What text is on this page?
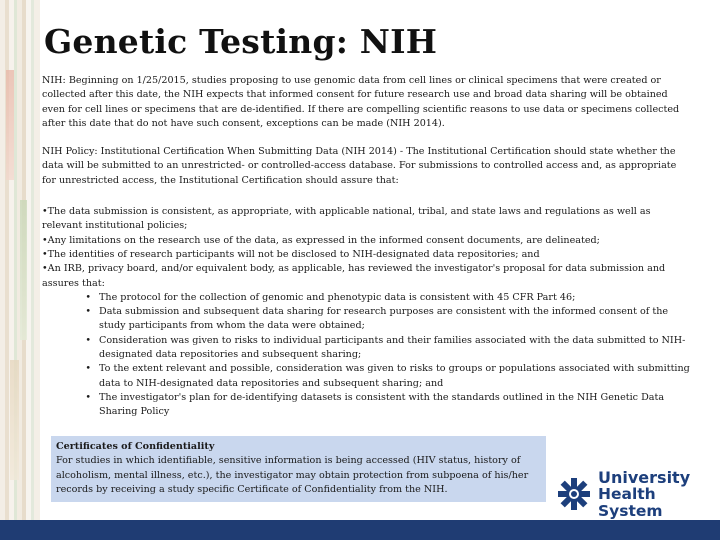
Genetic Testing: NIH

NIH: Beginning on 1/25/2015, studies proposing to use genomic data from cell lines or clinical specimens that were created or collected after this date, the NIH expects that informed consent for future research use and broad data sharing will be obtained even for cell lines or specimens that are de-identified. If there are compelling scientific reasons to use data or specimens collected after this date that do not have such consent, exceptions can be made (NIH 2014).

NIH Policy: Institutional Certification When Submitting Data (NIH 2014) - The Institutional Certification should state whether the data will be submitted to an unrestricted- or controlled-access database. For submissions to controlled access and, as appropriate for unrestricted access, the Institutional Certification should assure that:

•The data submission is consistent, as appropriate, with applicable national, tribal, and state laws and regulations as well as relevant institutional policies;

•Any limitations on the research use of the data, as expressed in the informed consent documents, are delineated;

•The identities of research participants will not be disclosed to NIH-designated data repositories; and

•An IRB, privacy board, and/or equivalent body, as applicable, has reviewed the investigator's proposal for data submission and assures that:

• The protocol for the collection of genomic and phenotypic data is consistent with 45 CFR Part 46;
• Data submission and subsequent data sharing for research purposes are consistent with the informed consent of the study participants from whom the data were obtained;
• Consideration was given to risks to individual participants and their families associated with the data submitted to NIH-designated data repositories and subsequent sharing;
• To the extent relevant and possible, consideration was given to risks to groups or populations associated with submitting data to NIH-designated data repositories and subsequent sharing; and
• The investigator's plan for de-identifying datasets is consistent with the standards outlined in the NIH Genetic Data Sharing Policy
Certificates of Confidentiality
For studies in which identifiable, sensitive information is being accessed (HIV status, history of alcoholism, mental illness, etc.), the investigator may obtain protection from subpoena of his/her records by receiving a study specific Certificate of Confidentiality from the NIH.
University
Health System
